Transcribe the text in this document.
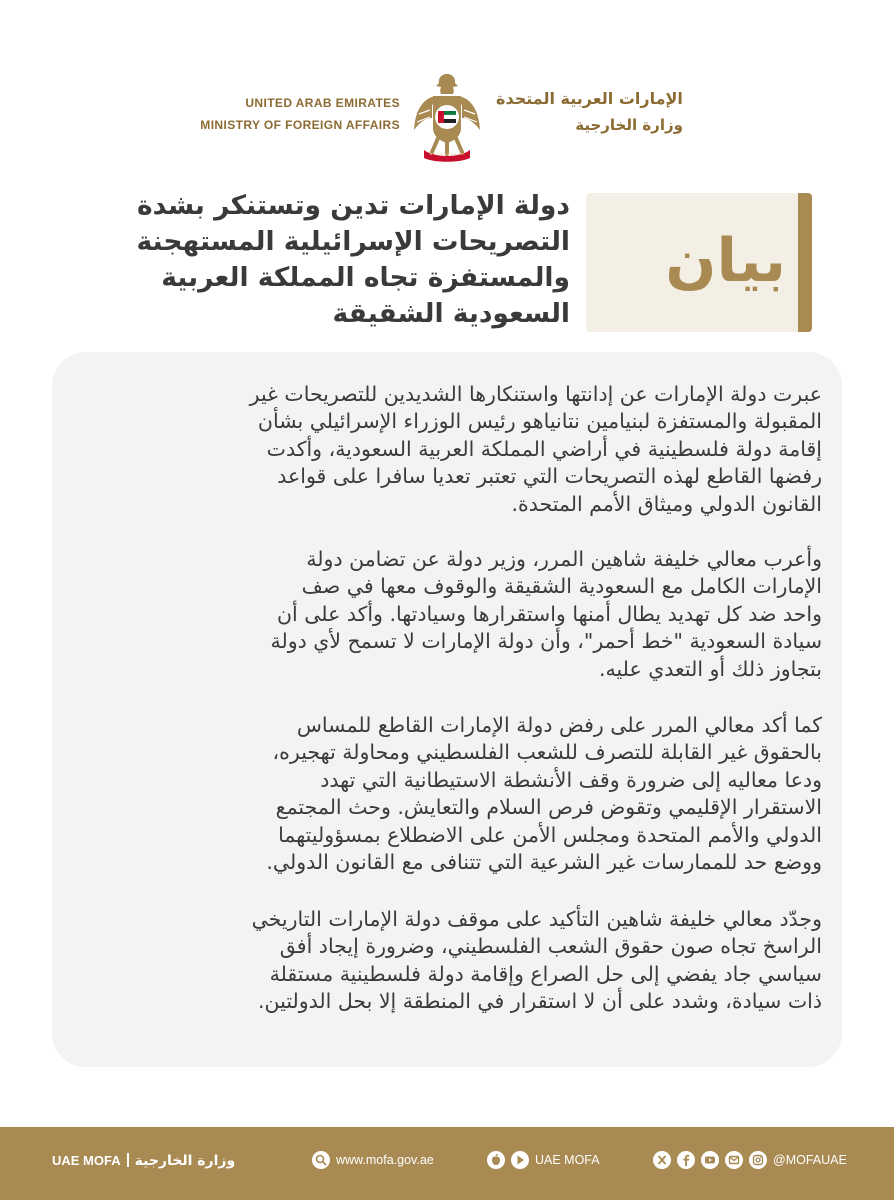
UNITED ARAB EMIRATES
MINISTRY OF FOREIGN AFFAIRS
الإمارات العربية المتحدة
وزارة الخارجية
بيان
دولة الإمارات تدين وتستنكر بشدة
التصريحات الإسرائيلية المستهجنة
والمستفزة تجاه المملكة العربية
السعودية الشقيقة
عبرت دولة الإمارات عن إدانتها واستنكارها الشديدين للتصريحات غير
المقبولة والمستفزة لبنيامين نتانياهو رئيس الوزراء الإسرائيلي بشأن
إقامة دولة فلسطينية في أراضي المملكة العربية السعودية، وأكدت
رفضها القاطع لهذه التصريحات التي تعتبر تعديا سافرا على قواعد
القانون الدولي وميثاق الأمم المتحدة.
وأعرب معالي خليفة شاهين المرر، وزير دولة عن تضامن دولة
الإمارات الكامل مع السعودية الشقيقة والوقوف معها في صف
واحد ضد كل تهديد يطال أمنها واستقرارها وسيادتها. وأكد على أن
سيادة السعودية "خط أحمر"، وأن دولة الإمارات لا تسمح لأي دولة
بتجاوز ذلك أو التعدي عليه.
كما أكد معالي المرر على رفض دولة الإمارات القاطع للمساس
بالحقوق غير القابلة للتصرف للشعب الفلسطيني ومحاولة تهجيره،
ودعا معاليه إلى ضرورة وقف الأنشطة الاستيطانية التي تهدد
الاستقرار الإقليمي وتقوض فرص السلام والتعايش. وحث المجتمع
الدولي والأمم المتحدة ومجلس الأمن على الاضطلاع بمسؤوليتهما
ووضع حد للممارسات غير الشرعية التي تتنافى مع القانون الدولي.
وجدّد معالي خليفة شاهين التأكيد على موقف دولة الإمارات التاريخي
الراسخ تجاه صون حقوق الشعب الفلسطيني، وضرورة إيجاد أفق
سياسي جاد يفضي إلى حل الصراع وإقامة دولة فلسطينية مستقلة
ذات سيادة، وشدد على أن لا استقرار في المنطقة إلا بحل الدولتين.
UAE MOFA وزارة الخارجية	www.mofa.gov.ae	UAE MOFA	@MOFAUAE
